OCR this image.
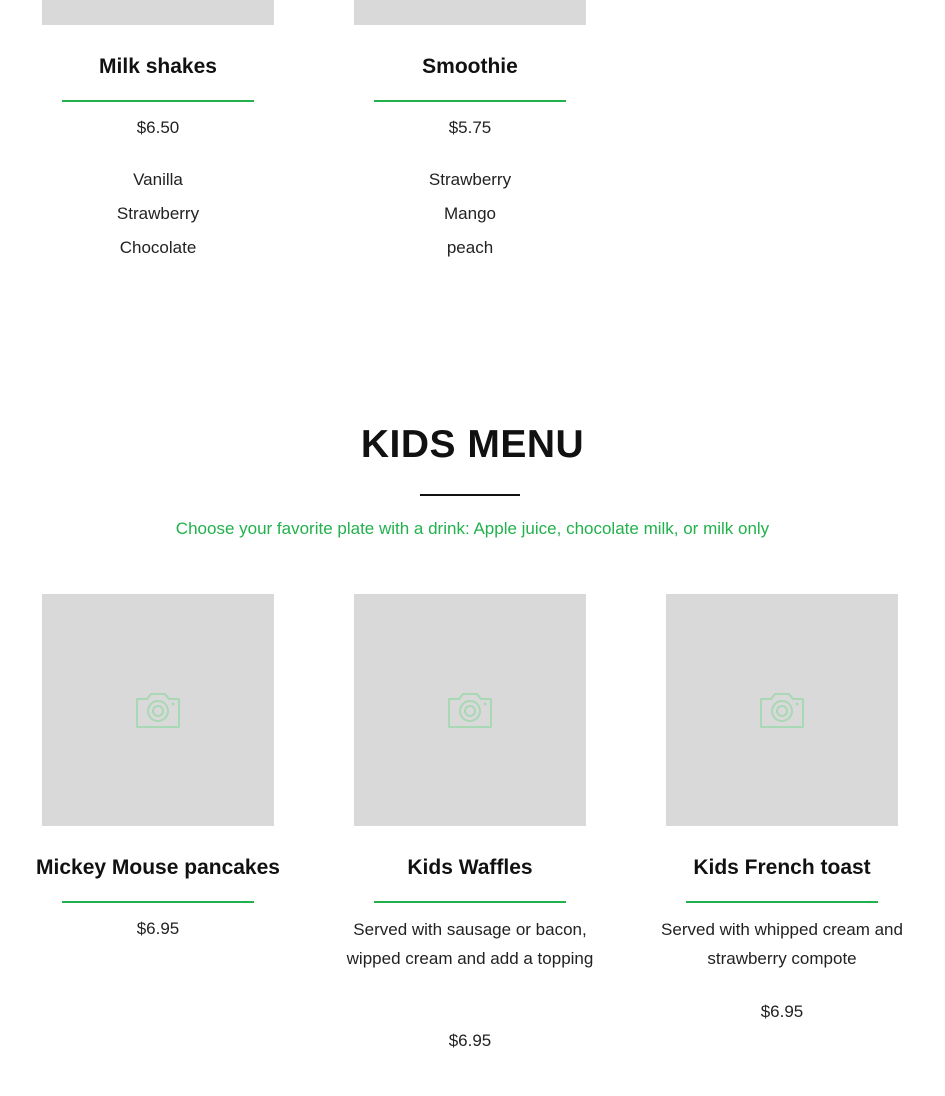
Milk shakes
$6.50
Vanilla
Strawberry
Chocolate
Smoothie
$5.75
Strawberry
Mango
peach
KIDS MENU
Choose your favorite plate with a drink: Apple juice, chocolate milk, or milk only
Mickey Mouse pancakes
$6.95
Kids Waffles
Served with sausage or bacon, wipped cream and add a topping
$6.95
Kids French toast
Served with whipped cream and strawberry compote
$6.95
